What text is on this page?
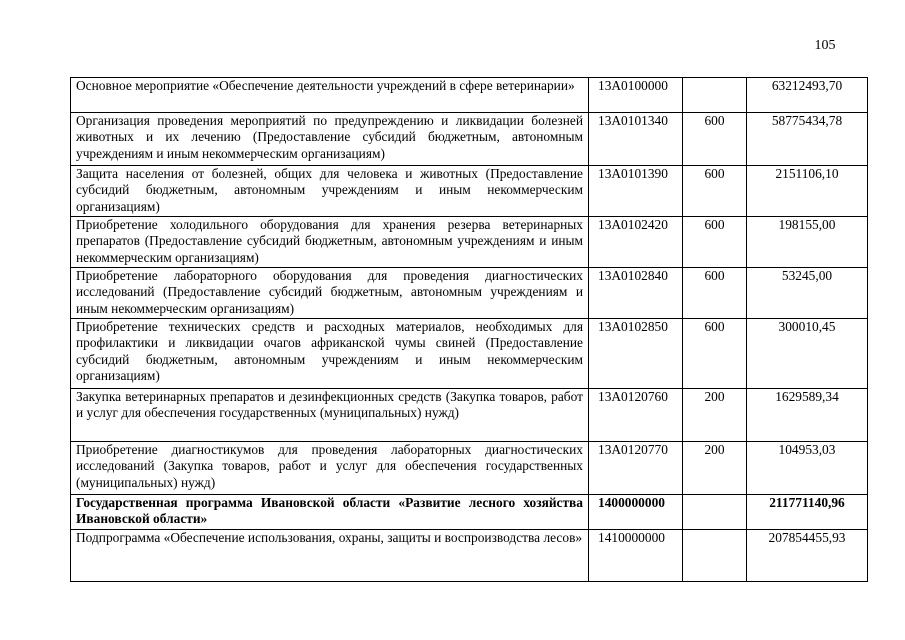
105
Основное мероприятие «Обеспечение деятельности учреждений в сфере ветеринарии»	13А0100000		63212493,70
Организация проведения мероприятий по предупреждению и ликвидации болезней животных и их лечению (Предоставление субсидий бюджетным, автономным учреждениям и иным некоммерческим организациям)	13А0101340	600	58775434,78
Защита населения от болезней, общих для человека и животных (Предоставление субсидий бюджетным, автономным учреждениям и иным некоммерческим организациям)	13А0101390	600	2151106,10
Приобретение холодильного оборудования для хранения резерва ветеринарных препаратов (Предоставление субсидий бюджетным, автономным учреждениям и иным некоммерческим организациям)	13А0102420	600	198155,00
Приобретение лабораторного оборудования для проведения диагностических исследований (Предоставление субсидий бюджетным, автономным учреждениям и иным некоммерческим организациям)	13А0102840	600	53245,00
Приобретение технических средств и расходных материалов, необходимых для профилактики и ликвидации очагов африканской чумы свиней (Предоставление субсидий бюджетным, автономным учреждениям и иным некоммерческим организациям)	13А0102850	600	300010,45
Закупка ветеринарных препаратов и дезинфекционных средств (Закупка товаров, работ и услуг для обеспечения государственных (муниципальных) нужд)	13А0120760	200	1629589,34
Приобретение диагностикумов для проведения лабораторных диагностических исследований (Закупка товаров, работ и услуг для обеспечения государственных (муниципальных) нужд)	13А0120770	200	104953,03
Государственная программа Ивановской области «Развитие лесного хозяйства Ивановской области»	1400000000		211771140,96
Подпрограмма «Обеспечение использования, охраны, защиты и воспроизводства лесов»	1410000000		207854455,93
